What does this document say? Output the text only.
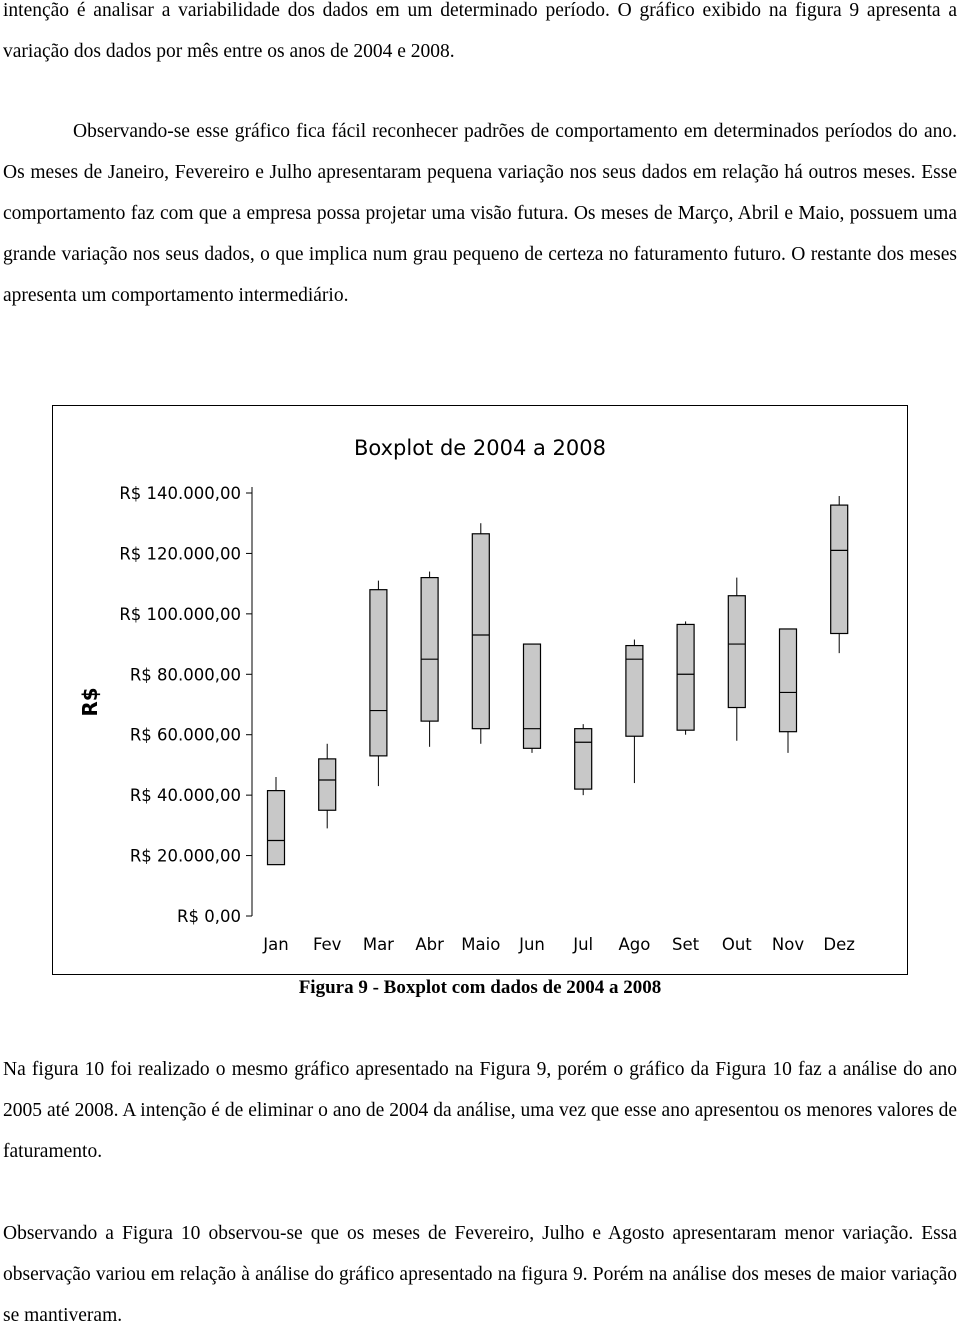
intenção é analisar a variabilidade dos dados em um determinado período. O gráfico exibido na figura 9 apresenta a variação dos dados por mês entre os anos de 2004 e 2008.

Observando-se esse gráfico fica fácil reconhecer padrões de comportamento em determinados períodos do ano. Os meses de Janeiro, Fevereiro e Julho apresentaram pequena variação nos seus dados em relação há outros meses. Esse comportamento faz com que a empresa possa projetar uma visão futura. Os meses de Março, Abril e Maio, possuem uma grande variação nos seus dados, o que implica num grau pequeno de certeza no faturamento futuro. O restante dos meses apresenta um comportamento intermediário.

Boxplot de 2004 a 2008
R$
R$ 0,00
R$ 20.000,00
R$ 40.000,00
R$ 60.000,00
R$ 80.000,00
R$ 100.000,00
R$ 120.000,00
R$ 140.000,00
Jan Fev Mar Abr Maio Jun Jul Ago Set Out Nov Dez
Figura 9 - Boxplot com dados de 2004 a 2008

Na figura 10 foi realizado o mesmo gráfico apresentado na Figura 9, porém o gráfico da Figura 10 faz a análise do ano 2005 até 2008. A intenção é de eliminar o ano de 2004 da análise, uma vez que esse ano apresentou os menores valores de faturamento.

Observando a Figura 10 observou-se que os meses de Fevereiro, Julho e Agosto apresentaram menor variação. Essa observação variou em relação à análise do gráfico apresentado na figura 9. Porém na análise dos meses de maior variação se mantiveram.
